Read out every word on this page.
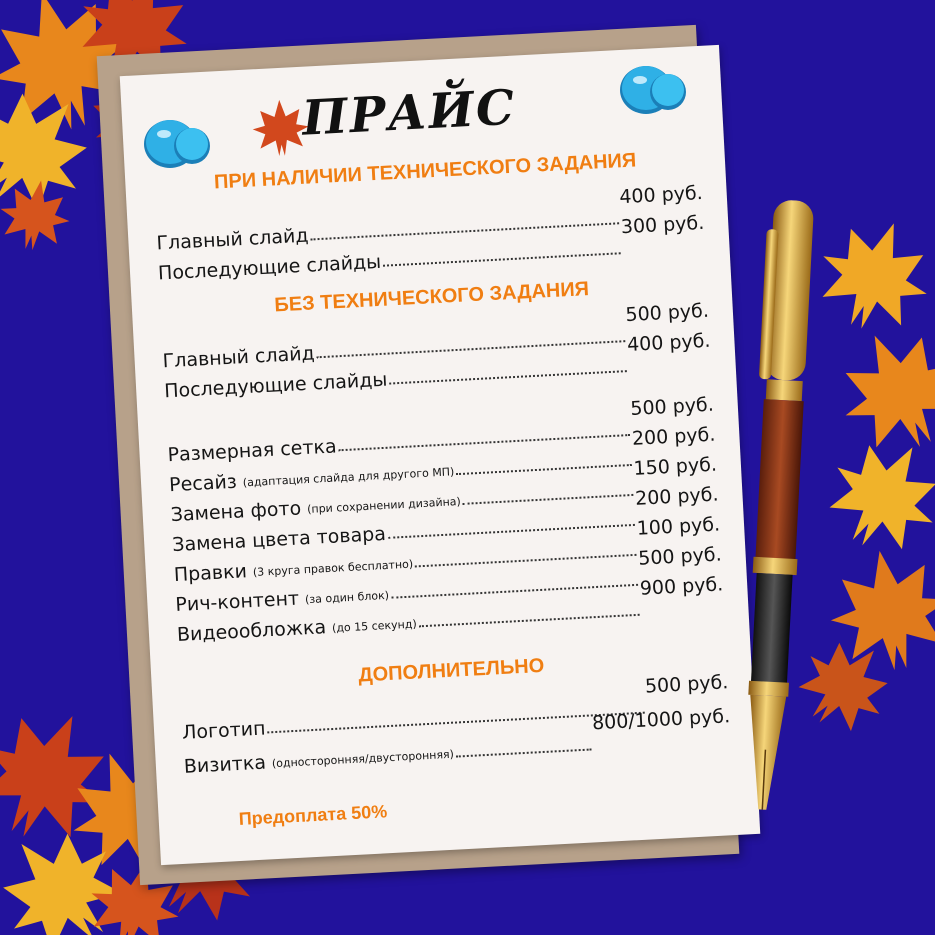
ПРАЙС
ПРИ НАЛИЧИИ ТЕХНИЧЕСКОГО ЗАДАНИЯ
Главный слайд
400 руб.
Последующие слайды
300 руб.
БЕЗ ТЕХНИЧЕСКОГО ЗАДАНИЯ
Главный слайд
500 руб.
Последующие слайды
400 руб.
Размерная сетка
500 руб.
Ресайз (адаптация слайда для другого МП)
200 руб.
Замена фото (при сохранении дизайна)
150 руб.
Замена цвета товара
200 руб.
Правки (3 круга правок бесплатно)
100 руб.
Рич-контент (за один блок)
500 руб.
Видеообложка (до 15 секунд)
900 руб.
ДОПОЛНИТЕЛЬНО
Логотип
500 руб.
Визитка (односторонняя/двусторонняя)
800/1000 руб.
Предоплата 50%
